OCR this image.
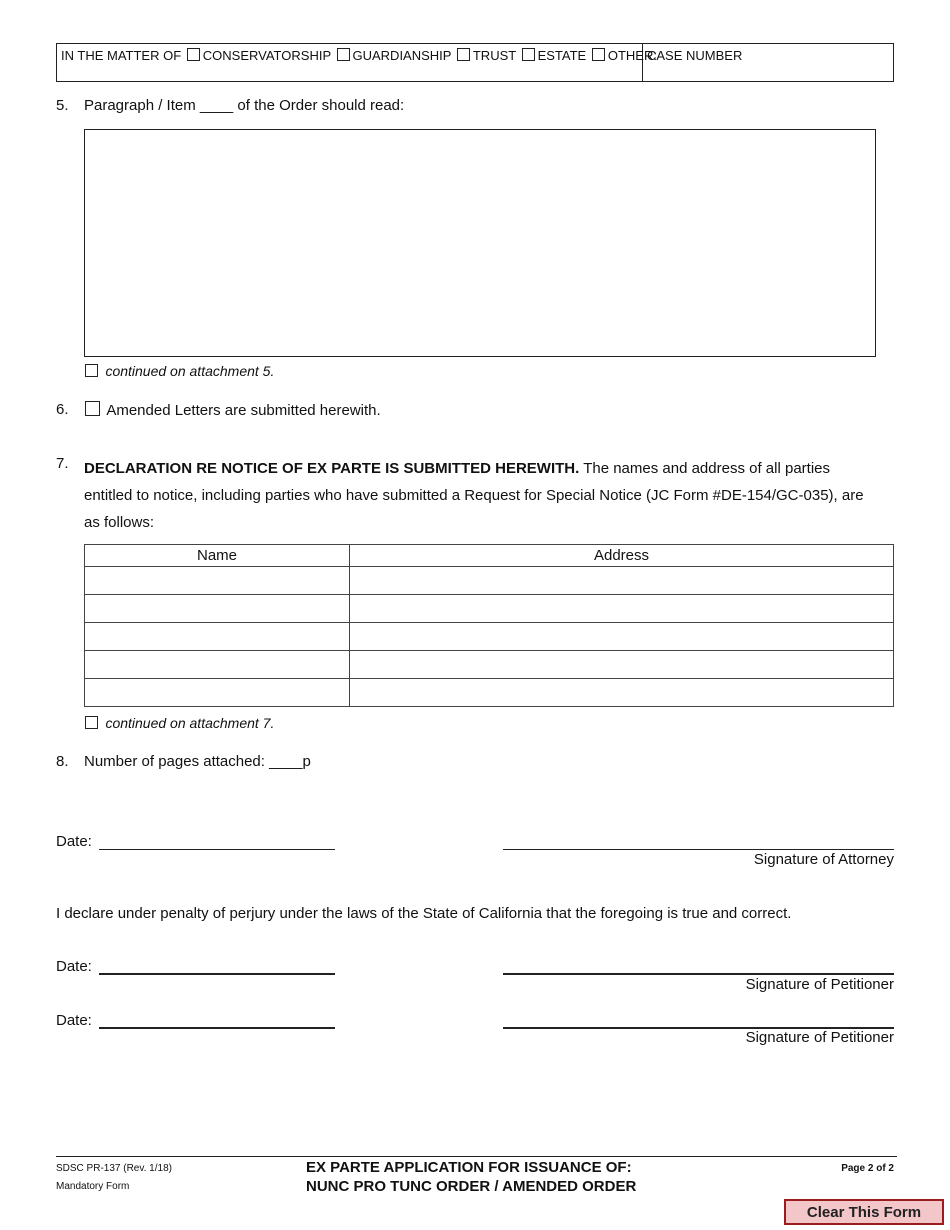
IN THE MATTER OF CONSERVATORSHIP GUARDIANSHIP TRUST ESTATE OTHER:
CASE NUMBER
5. Paragraph / Item ____ of the Order should read:
continued on attachment 5.
6.	Amended Letters are submitted herewith.
7. DECLARATION RE NOTICE OF EX PARTE IS SUBMITTED HEREWITH. The names and address of all parties
entitled to notice, including parties who have submitted a Request for Special Notice (JC Form #DE-154/GC-035), are
as follows:
Name	Address

continued on attachment 7.
8. Number of pages attached: ____p
Date:
Signature of Attorney
I declare under penalty of perjury under the laws of the State of California that the foregoing is true and correct.
Date:
Signature of Petitioner
Date:
Signature of Petitioner
SDSC PR-137 (Rev. 1/18)
Mandatory Form
EX PARTE APPLICATION FOR ISSUANCE OF:
NUNC PRO TUNC ORDER / AMENDED ORDER
Page 2 of 2
Clear This Form
